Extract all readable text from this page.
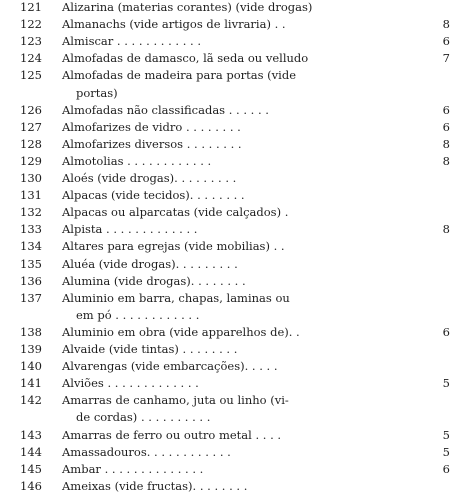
121	Alizarina (materias corantes) (vide drogas)
122	Almanachs (vide artigos de livraria) . .	8
123	Almiscar . . . . . . . . . . . .	6
124	Almofadas de damasco, lã seda ou velludo	7
125	Almofadas de madeira para portas (vide
portas)
126	Almofadas não classificadas . . . . . .	6
127	Almofarizes de vidro . . . . . . . .	6
128	Almofarizes diversos . . . . . . . .	8
129	Almotolias . . . . . . . . . . . .	8
130	Aloés (vide drogas). . . . . . . . .
131	Alpacas (vide tecidos). . . . . . . .
132	Alpacas ou alparcatas (vide calçados) .
133	Alpista . . . . . . . . . . . . .	8
134	Altares para egrejas (vide mobilias) . .
135	Aluéa (vide drogas). . . . . . . . .
136	Alumina (vide drogas). . . . . . . .
137	Aluminio em barra, chapas, laminas ou
em pó . . . . . . . . . . . .
138	Aluminio em obra (vide apparelhos de). .	6
139	Alvaide (vide tintas) . . . . . . . .
140	Alvarengas (vide embarcações). . . . .
141	Alviões . . . . . . . . . . . . .	5
142	Amarras de canhamo, juta ou linho (vi-
de cordas) . . . . . . . . . .
143	Amarras de ferro ou outro metal . . . .	5
144	Amassadouros. . . . . . . . . . . .	5
145	Ambar . . . . . . . . . . . . . .	6
146	Ameixas (vide fructas). . . . . . . .
